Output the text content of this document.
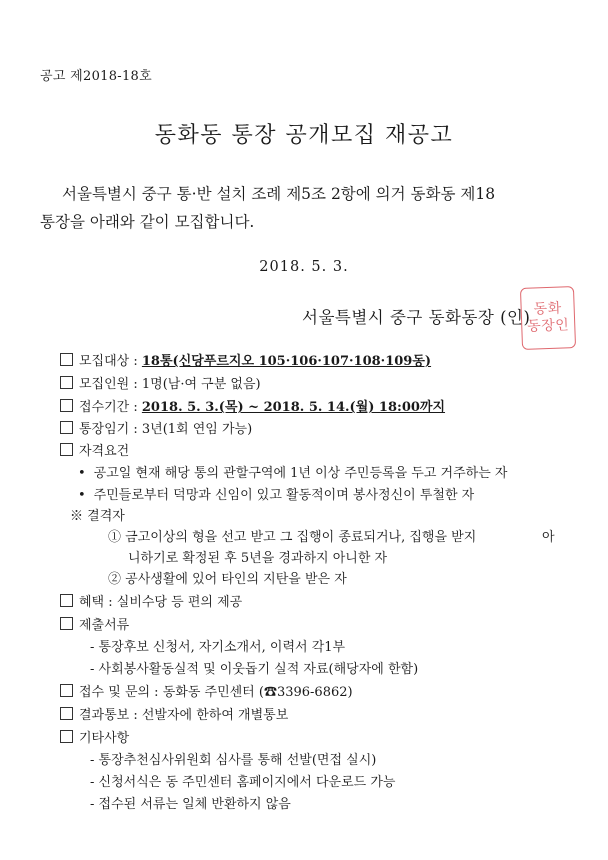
공고 제2018-18호
동화동 통장 공개모집 재공고
서울특별시 중구 통·반 설치 조례 제5조 2항에 의거 동화동 제18
통장을 아래와 같이 모집합니다.
2018. 5. 3.
서울특별시 중구 동화동장 (인) 동화
동장인
모집대상 : 18통(신당푸르지오 105·106·107·108·109동)
모집인원 : 1명(남·여 구분 없음)
접수기간 : 2018. 5. 3.(목) ~ 2018. 5. 14.(월) 18:00까지
통장임기 : 3년(1회 연임 가능)
자격요건
• 공고일 현재 해당 통의 관할구역에 1년 이상 주민등록을 두고 거주하는 자
• 주민들로부터 덕망과 신임이 있고 활동적이며 봉사정신이 투철한 자
※ 결격자
① 금고이상의 형을 선고 받고 그 집행이 종료되거나, 집행을 받지	아
니하기로 확정된 후 5년을 경과하지 아니한 자
② 공사생활에 있어 타인의 지탄을 받은 자
혜택 : 실비수당 등 편의 제공
제출서류
- 통장후보 신청서, 자기소개서, 이력서 각1부
- 사회봉사활동실적 및 이웃돕기 실적 자료(해당자에 한함)
접수 및 문의 : 동화동 주민센터 (☎3396-6862)
결과통보 : 선발자에 한하여 개별통보
기타사항
- 통장추천심사위원회 심사를 통해 선발(면접 실시)
- 신청서식은 동 주민센터 홈페이지에서 다운로드 가능
- 접수된 서류는 일체 반환하지 않음
